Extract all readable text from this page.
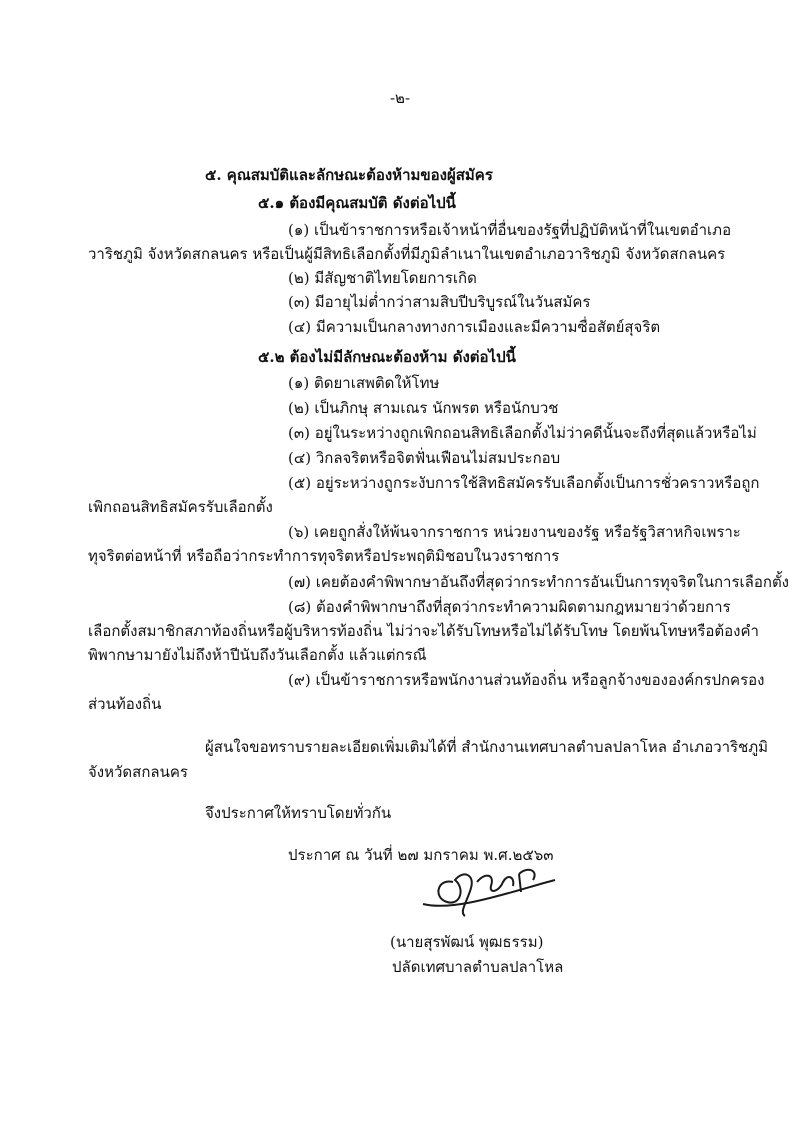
-๒-
๕. คุณสมบัติและลักษณะต้องห้ามของผู้สมัคร
๕.๑ ต้องมีคุณสมบัติ ดังต่อไปนี้
(๑) เป็นข้าราชการหรือเจ้าหน้าที่อื่นของรัฐที่ปฏิบัติหน้าที่ในเขตอำเภอ
วาริชภูมิ จังหวัดสกลนคร หรือเป็นผู้มีสิทธิเลือกตั้งที่มีภูมิลำเนาในเขตอำเภอวาริชภูมิ จังหวัดสกลนคร
(๒) มีสัญชาติไทยโดยการเกิด
(๓) มีอายุไม่ต่ำกว่าสามสิบปีบริบูรณ์ในวันสมัคร
(๔) มีความเป็นกลางทางการเมืองและมีความซื่อสัตย์สุจริต
๕.๒ ต้องไม่มีลักษณะต้องห้าม ดังต่อไปนี้
(๑) ติดยาเสพติดให้โทษ
(๒) เป็นภิกษุ สามเณร นักพรต หรือนักบวช
(๓) อยู่ในระหว่างถูกเพิกถอนสิทธิเลือกตั้งไม่ว่าคดีนั้นจะถึงที่สุดแล้วหรือไม่
(๔) วิกลจริตหรือจิตฟั่นเฟือนไม่สมประกอบ
(๕) อยู่ระหว่างถูกระงับการใช้สิทธิสมัครรับเลือกตั้งเป็นการชั่วคราวหรือถูก
เพิกถอนสิทธิสมัครรับเลือกตั้ง
(๖) เคยถูกสั่งให้พ้นจากราชการ หน่วยงานของรัฐ หรือรัฐวิสาหกิจเพราะ
ทุจริตต่อหน้าที่ หรือถือว่ากระทำการทุจริตหรือประพฤติมิชอบในวงราชการ
(๗) เคยต้องคำพิพากษาอันถึงที่สุดว่ากระทำการอันเป็นการทุจริตในการเลือกตั้ง
(๘) ต้องคำพิพากษาถึงที่สุดว่ากระทำความผิดตามกฎหมายว่าด้วยการ
เลือกตั้งสมาชิกสภาท้องถิ่นหรือผู้บริหารท้องถิ่น ไม่ว่าจะได้รับโทษหรือไม่ได้รับโทษ โดยพ้นโทษหรือต้องคำ
พิพากษามายังไม่ถึงห้าปีนับถึงวันเลือกตั้ง แล้วแต่กรณี
(๙) เป็นข้าราชการหรือพนักงานส่วนท้องถิ่น หรือลูกจ้างขององค์กรปกครอง
ส่วนท้องถิ่น
ผู้สนใจขอทราบรายละเอียดเพิ่มเติมได้ที่ สำนักงานเทศบาลตำบลปลาโหล อำเภอวาริชภูมิ
จังหวัดสกลนคร
จึงประกาศให้ทราบโดยทั่วกัน
ประกาศ ณ วันที่ ๒๗ มกราคม พ.ศ.๒๕๖๓
(นายสุรพัฒน์ พุฒธรรม)
ปลัดเทศบาลตำบลปลาโหล
